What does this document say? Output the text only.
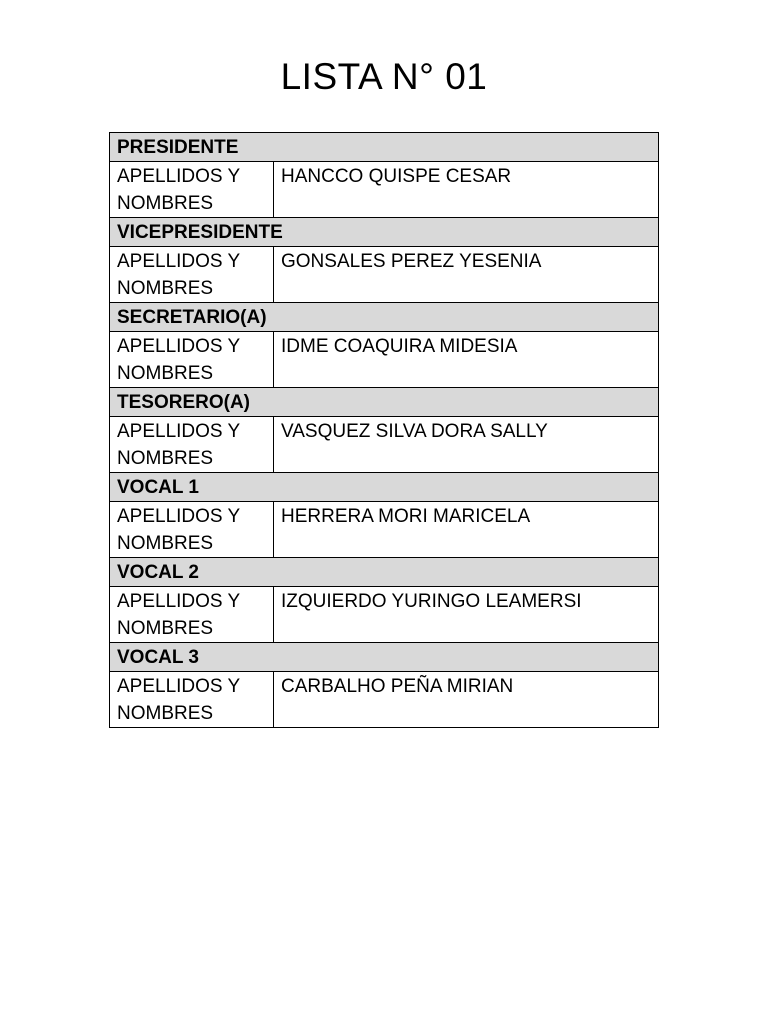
LISTA N° 01
PRESIDENTE	
APELLIDOS Y NOMBRES	HANCCO QUISPE CESAR
VICEPRESIDENTE	
APELLIDOS Y NOMBRES	GONSALES PEREZ YESENIA
SECRETARIO(A)	
APELLIDOS Y NOMBRES	IDME COAQUIRA MIDESIA
TESORERO(A)	
APELLIDOS Y NOMBRES	VASQUEZ SILVA DORA SALLY
VOCAL 1	
APELLIDOS Y NOMBRES	HERRERA MORI MARICELA
VOCAL 2	
APELLIDOS Y NOMBRES	IZQUIERDO YURINGO LEAMERSI
VOCAL 3	
APELLIDOS Y NOMBRES	CARBALHO PEÑA MIRIAN
